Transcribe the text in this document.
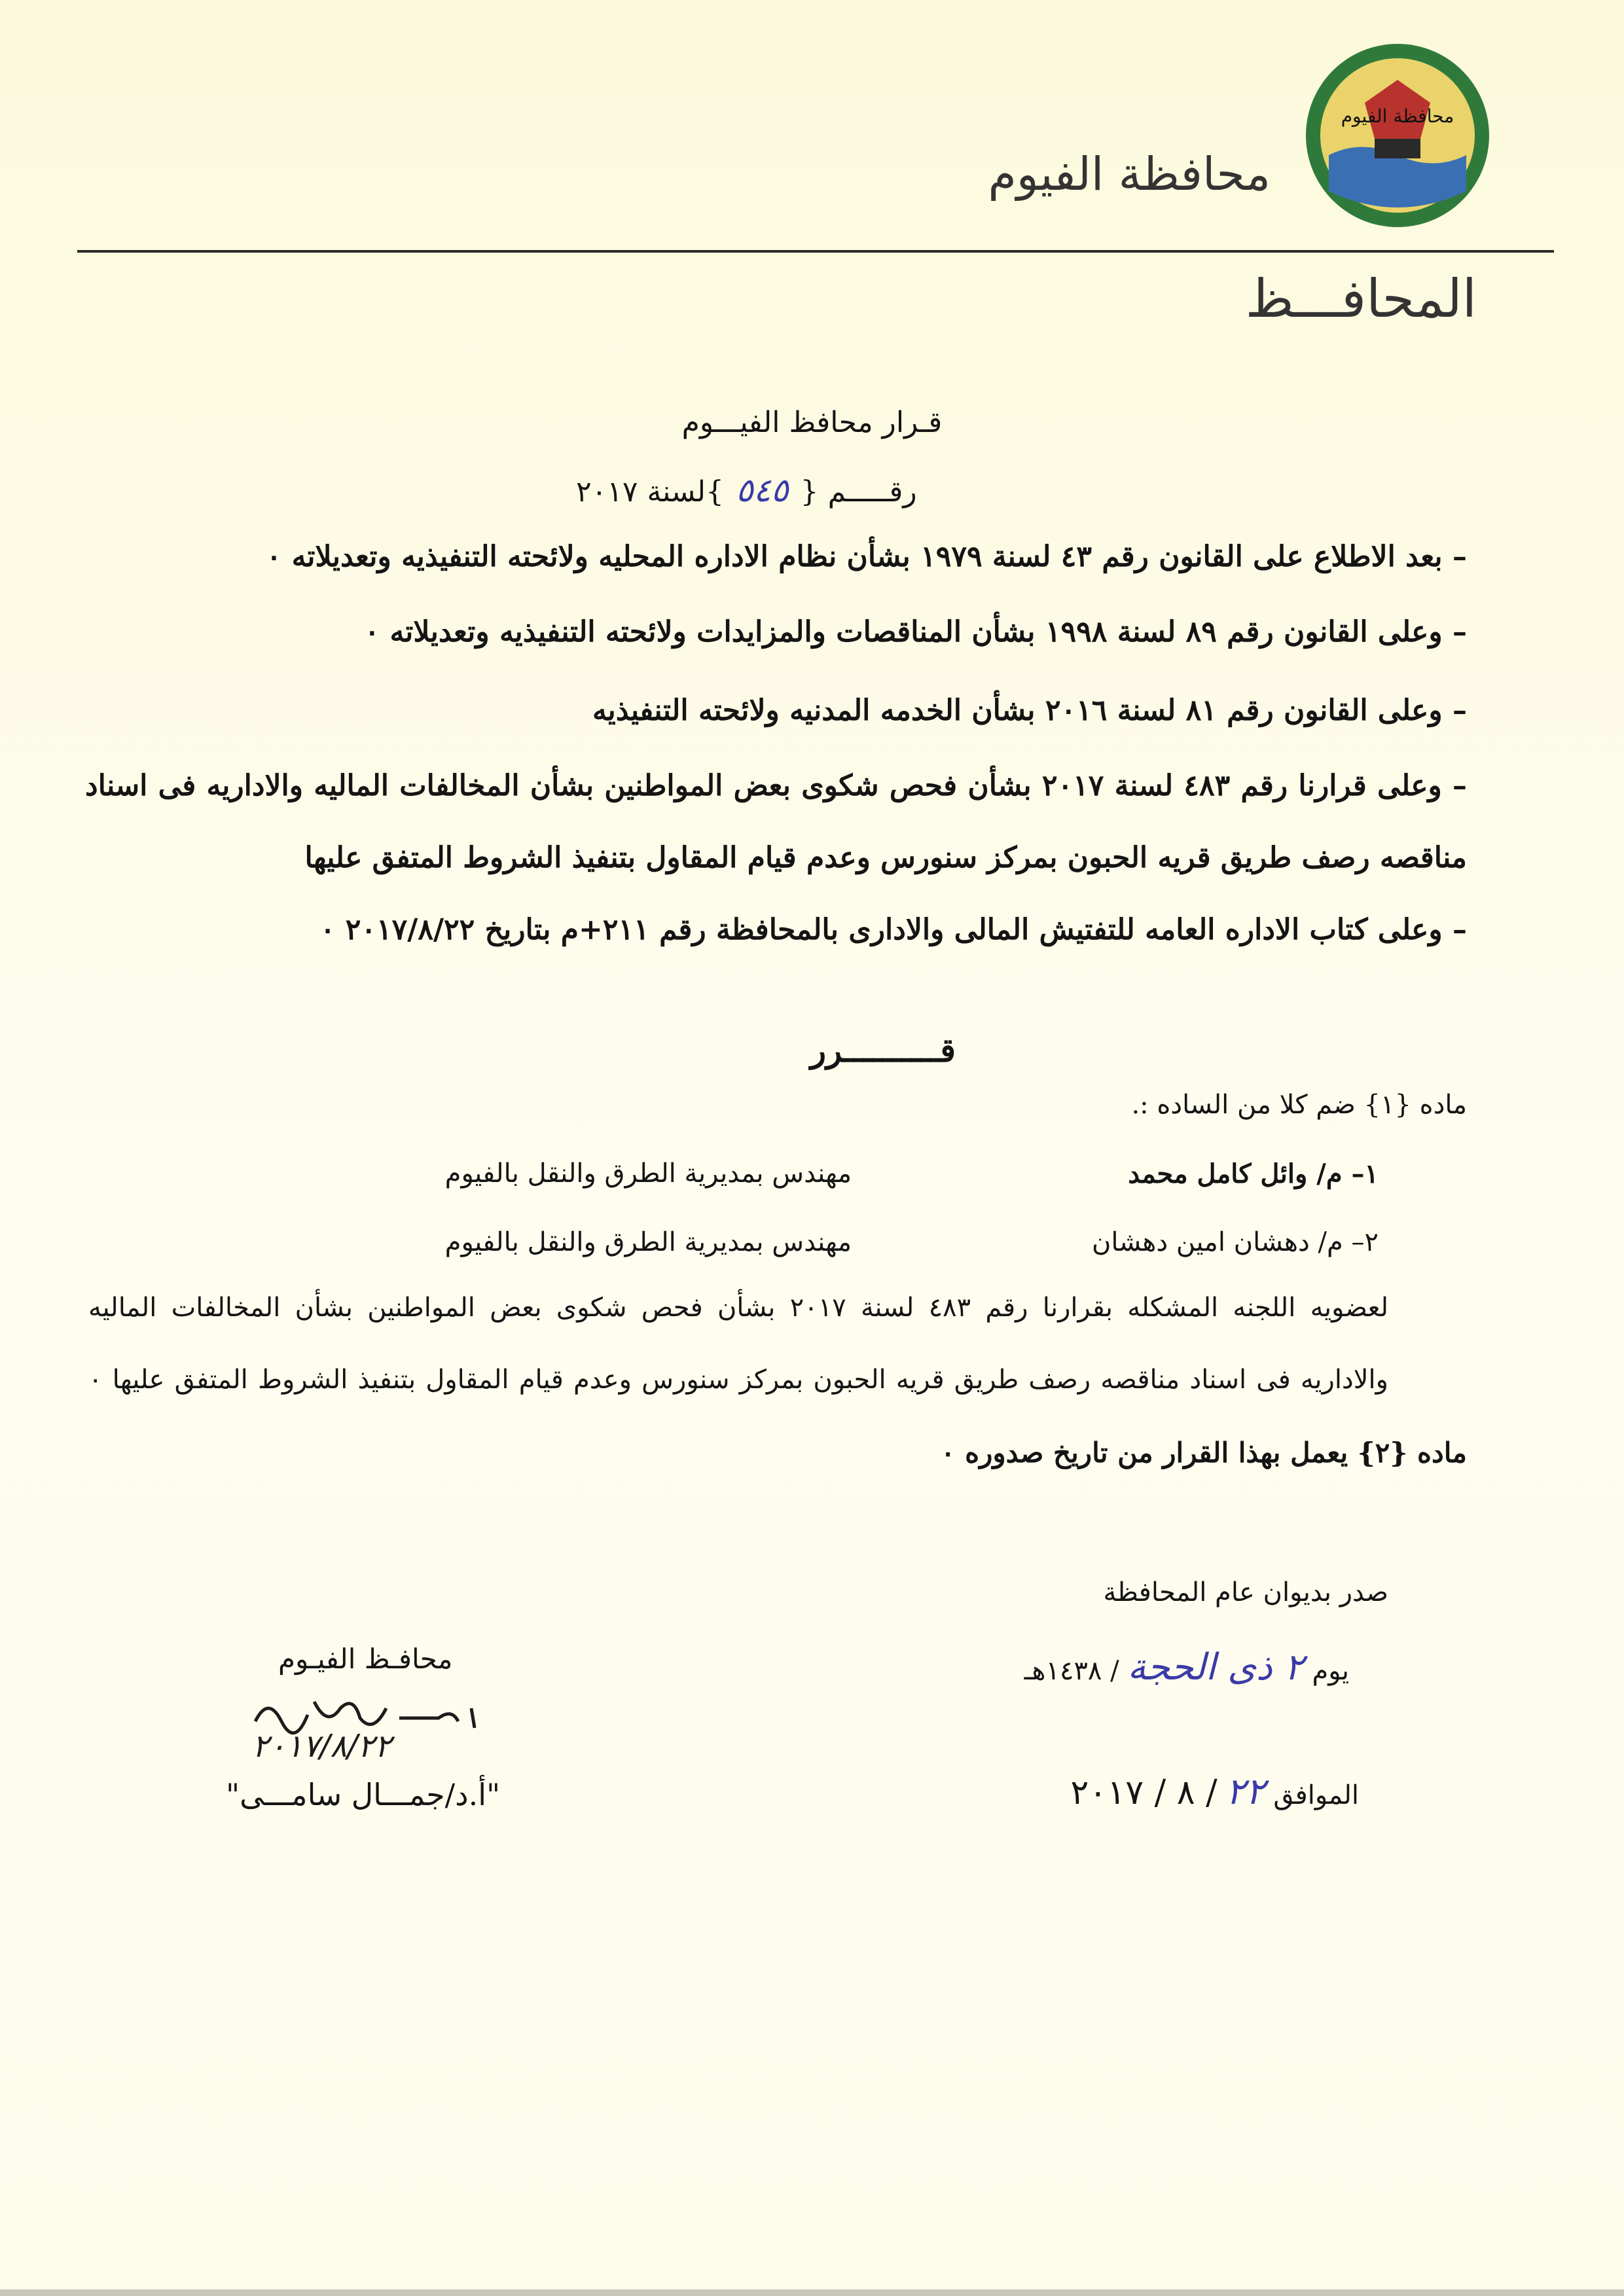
محافظة الفيوم
محافظة الفيوم
المحافـــظ
قـرار محافظ الفيـــوم
رقـــــم {٥٤٥}لسنة ٢٠١٧

– بعد الاطلاع على القانون رقم ٤٣ لسنة ١٩٧٩ بشأن نظام الاداره المحليه ولائحته التنفيذيه وتعديلاته ٠

– وعلى القانون رقم ٨٩ لسنة ١٩٩٨ بشأن المناقصات والمزايدات ولائحته التنفيذيه وتعديلاته ٠

– وعلى القانون رقم ٨١ لسنة ٢٠١٦ بشأن الخدمه المدنيه ولائحته التنفيذيه

– وعلى قرارنا رقم ٤٨٣ لسنة ٢٠١٧ بشأن فحص شكوى بعض المواطنين بشأن المخالفات الماليه والاداريه فى اسناد

مناقصه رصف طريق قريه الحبون بمركز سنورس وعدم قيام المقاول بتنفيذ الشروط المتفق عليها

– وعلى كتاب الاداره العامه للتفتيش المالى والادارى بالمحافظة رقم ٢١١+م بتاريخ ٢٠١٧/٨/٢٢ ٠

قــــــــــرر
ماده {١} ضم كلا من الساده :.
١– م/ وائل كامل محمد
مهندس بمديرية الطرق والنقل بالفيوم
٢– م/ دهشان امين دهشان
مهندس بمديرية الطرق والنقل بالفيوم

لعضويه اللجنه المشكله بقرارنا رقم ٤٨٣ لسنة ٢٠١٧ بشأن فحص شكوى بعض المواطنين بشأن المخالفات الماليه

والاداريه فى اسناد مناقصه رصف طريق قريه الحبون بمركز سنورس وعدم قيام المقاول بتنفيذ الشروط المتفق عليها ٠

ماده {٢} يعمل بهذا القرار من تاريخ صدوره ٠
صدر بديوان عام المحافظة
يوم ٢ ذى الحجة / ١٤٣٨هـ
الموافق ٢٢ / ٨ / ٢٠١٧
محافـظ الفيـوم
٢٠١٧/٨/٢٢
"أ.د/جمـــال سامـــى"
